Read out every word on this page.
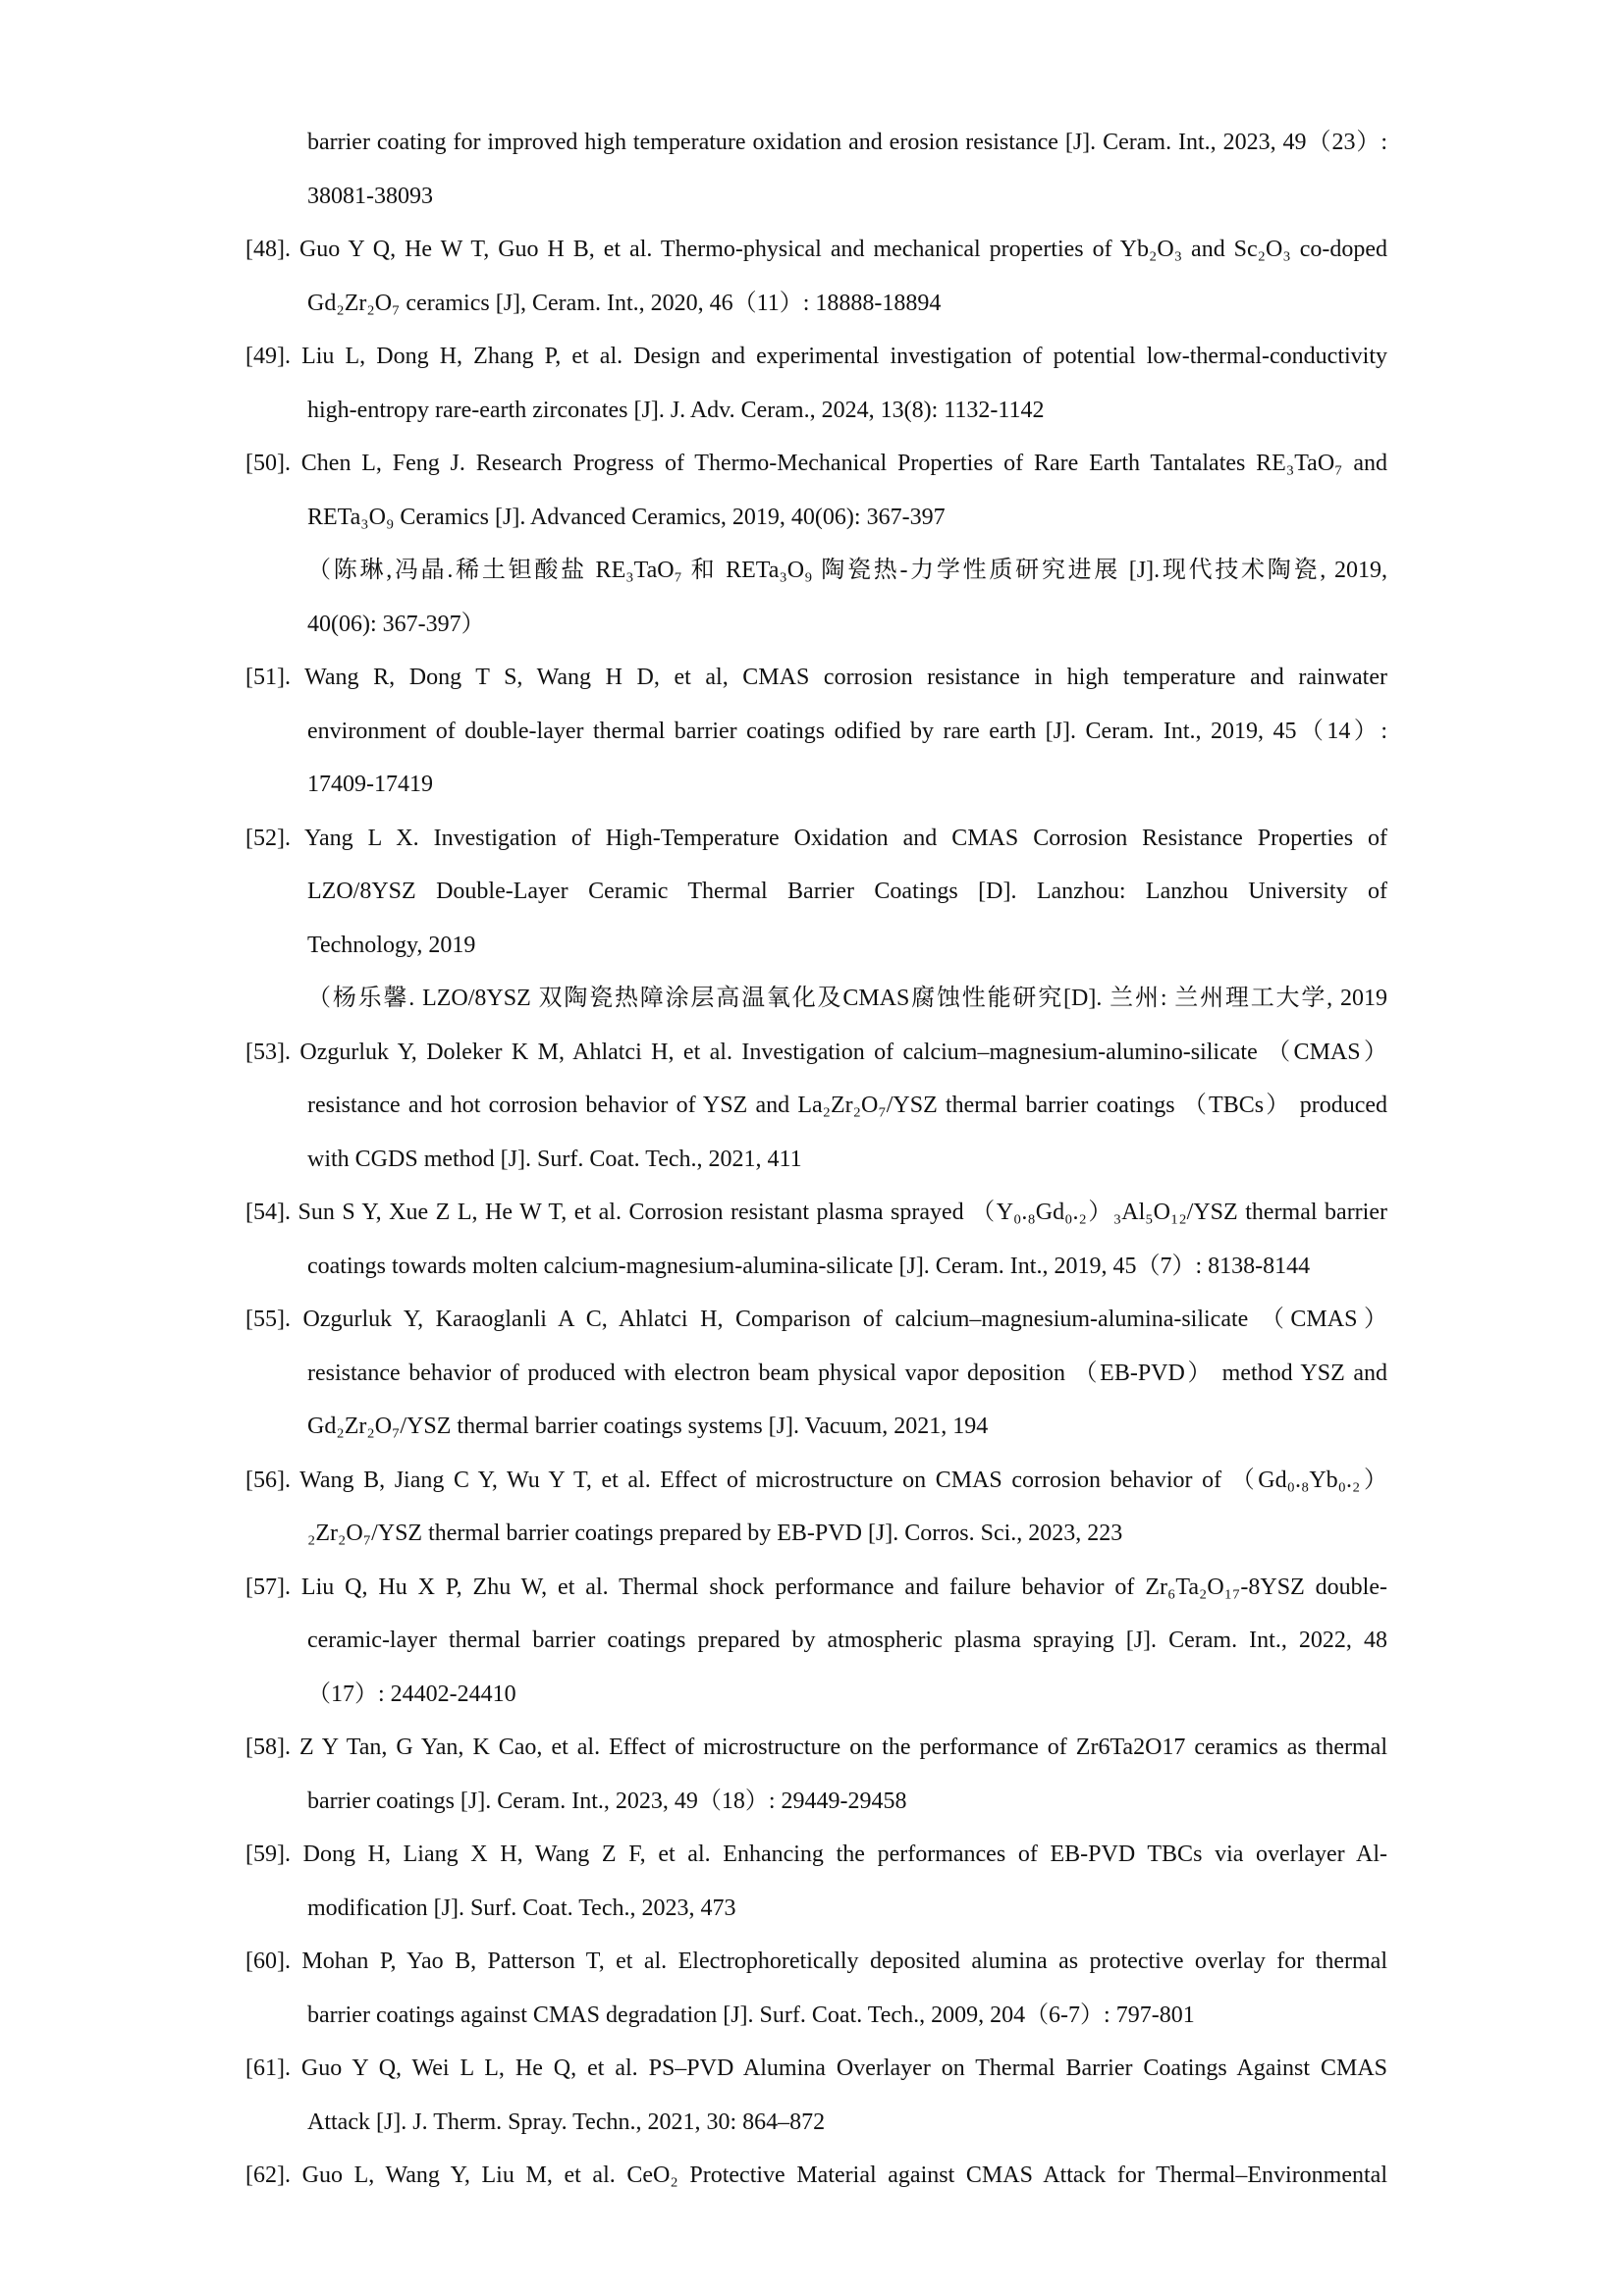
barrier coating for improved high temperature oxidation and erosion resistance [J]. Ceram. Int., 2023, 49（23）:
38081-38093
[48]. Guo Y Q, He W T, Guo H B, et al. Thermo-physical and mechanical properties of Yb₂O₃ and Sc₂O₃ co-doped
Gd₂Zr₂O₇ ceramics [J], Ceram. Int., 2020, 46（11）: 18888-18894
[49]. Liu L, Dong H, Zhang P, et al. Design and experimental investigation of potential low-thermal-conductivity
high-entropy rare-earth zirconates [J]. J. Adv. Ceram., 2024, 13(8): 1132-1142
[50]. Chen L, Feng J. Research Progress of Thermo-Mechanical Properties of Rare Earth Tantalates RE₃TaO₇ and
RETa₃O₉ Ceramics [J]. Advanced Ceramics, 2019, 40(06): 367-397
（陈琳,冯晶.稀土钽酸盐 RE₃TaO₇ 和 RETa₃O₉ 陶瓷热-力学性质研究进展 [J].现代技术陶瓷, 2019,
40(06): 367-397）
[51]. Wang R, Dong T S, Wang H D, et al, CMAS corrosion resistance in high temperature and rainwater
environment of double-layer thermal barrier coatings odified by rare earth [J]. Ceram. Int., 2019, 45（14）:
17409-17419
[52]. Yang L X. Investigation of High-Temperature Oxidation and CMAS Corrosion Resistance Properties of
LZO/8YSZ Double-Layer Ceramic Thermal Barrier Coatings [D]. Lanzhou: Lanzhou University of
Technology, 2019
（杨乐馨. LZO/8YSZ 双陶瓷热障涂层高温氧化及CMAS腐蚀性能研究[D]. 兰州: 兰州理工大学, 2019
[53]. Ozgurluk Y, Doleker K M, Ahlatci H, et al. Investigation of calcium–magnesium-alumino-silicate （CMAS）
resistance and hot corrosion behavior of YSZ and La₂Zr₂O₇/YSZ thermal barrier coatings （TBCs） produced
with CGDS method [J]. Surf. Coat. Tech., 2021, 411
[54]. Sun S Y, Xue Z L, He W T, et al. Corrosion resistant plasma sprayed （Y₀.₈Gd₀.₂）₃Al₅O₁₂/YSZ thermal barrier
coatings towards molten calcium-magnesium-alumina-silicate [J]. Ceram. Int., 2019, 45（7）: 8138-8144
[55]. Ozgurluk Y, Karaoglanli A C, Ahlatci H, Comparison of calcium–magnesium-alumina-silicate （CMAS）
resistance behavior of produced with electron beam physical vapor deposition （EB-PVD） method YSZ and
Gd₂Zr₂O₇/YSZ thermal barrier coatings systems [J]. Vacuum, 2021, 194
[56]. Wang B, Jiang C Y, Wu Y T, et al. Effect of microstructure on CMAS corrosion behavior of （Gd₀.₈Yb₀.₂）
₂Zr₂O₇/YSZ thermal barrier coatings prepared by EB-PVD [J]. Corros. Sci., 2023, 223
[57]. Liu Q, Hu X P, Zhu W, et al. Thermal shock performance and failure behavior of Zr₆Ta₂O₁₇-8YSZ double-
ceramic-layer thermal barrier coatings prepared by atmospheric plasma spraying [J]. Ceram. Int., 2022, 48
（17）: 24402-24410
[58]. Z Y Tan, G Yan, K Cao, et al. Effect of microstructure on the performance of Zr6Ta2O17 ceramics as thermal
barrier coatings [J]. Ceram. Int., 2023, 49（18）: 29449-29458
[59]. Dong H, Liang X H, Wang Z F, et al. Enhancing the performances of EB-PVD TBCs via overlayer Al-
modification [J]. Surf. Coat. Tech., 2023, 473
[60]. Mohan P, Yao B, Patterson T, et al. Electrophoretically deposited alumina as protective overlay for thermal
barrier coatings against CMAS degradation [J]. Surf. Coat. Tech., 2009, 204（6-7）: 797-801
[61]. Guo Y Q, Wei L L, He Q, et al. PS–PVD Alumina Overlayer on Thermal Barrier Coatings Against CMAS
Attack [J]. J. Therm. Spray. Techn., 2021, 30: 864–872
[62]. Guo L, Wang Y, Liu M, et al. CeO₂ Protective Material against CMAS Attack for Thermal–Environmental
